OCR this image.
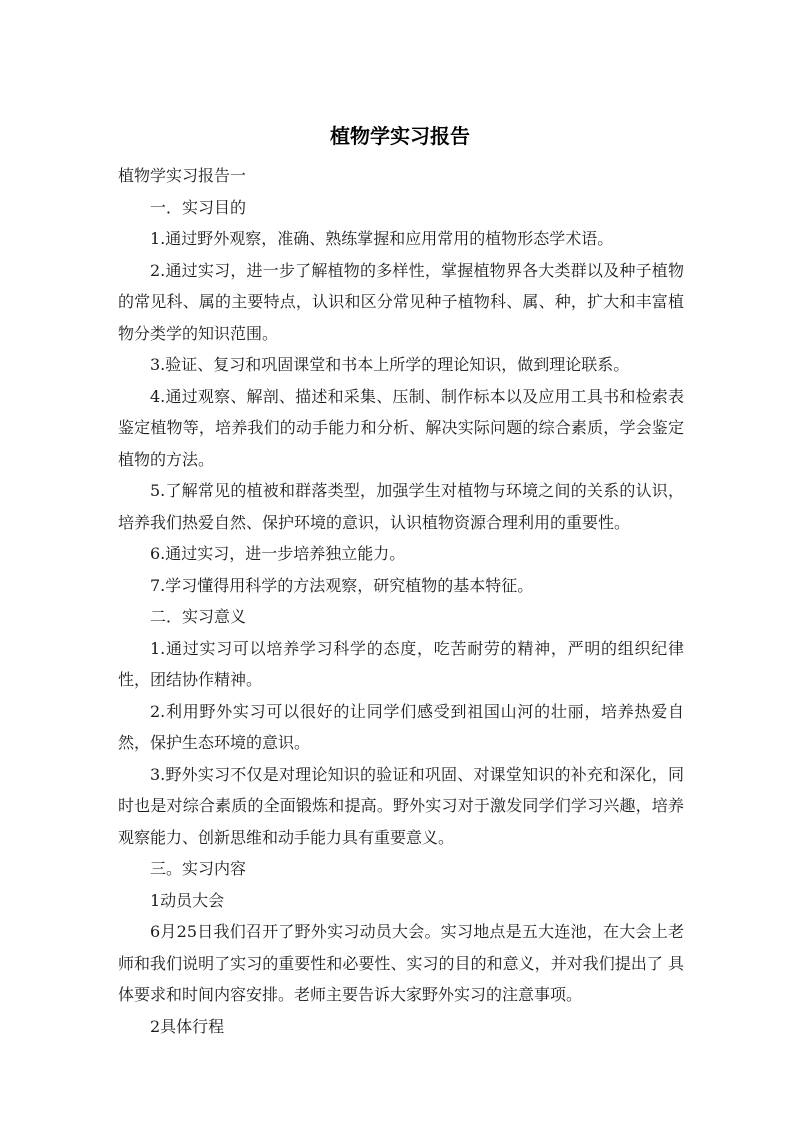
植物学实习报告

植物学实习报告一

一．实习目的

1.通过野外观察，准确、熟练掌握和应用常用的植物形态学术语。

2.通过实习，进一步了解植物的多样性，掌握植物界各大类群以及种子植物的常见科、属的主要特点，认识和区分常见种子植物科、属、种，扩大和丰富植物分类学的知识范围。

3.验证、复习和巩固课堂和书本上所学的理论知识，做到理论联系。

4.通过观察、解剖、描述和采集、压制、制作标本以及应用工具书和检索表鉴定植物等，培养我们的动手能力和分析、解决实际问题的综合素质，学会鉴定植物的方法。

5.了解常见的植被和群落类型，加强学生对植物与环境之间的关系的认识，培养我们热爱自然、保护环境的意识，认识植物资源合理利用的重要性。

6.通过实习，进一步培养独立能力。

7.学习懂得用科学的方法观察，研究植物的基本特征。

二．实习意义

1.通过实习可以培养学习科学的态度，吃苦耐劳的精神，严明的组织纪律性，团结协作精神。

2.利用野外实习可以很好的让同学们感受到祖国山河的壮丽，培养热爱自然，保护生态环境的意识。

3.野外实习不仅是对理论知识的验证和巩固、对课堂知识的补充和深化，同时也是对综合素质的全面锻炼和提高。野外实习对于激发同学们学习兴趣，培养观察能力、创新思维和动手能力具有重要意义。

三。实习内容

1动员大会

6月25日我们召开了野外实习动员大会。实习地点是五大连池，在大会上老 师和我们说明了实习的重要性和必要性、实习的目的和意义，并对我们提出了 具体要求和时间内容安排。老师主要告诉大家野外实习的注意事项。

2具体行程
